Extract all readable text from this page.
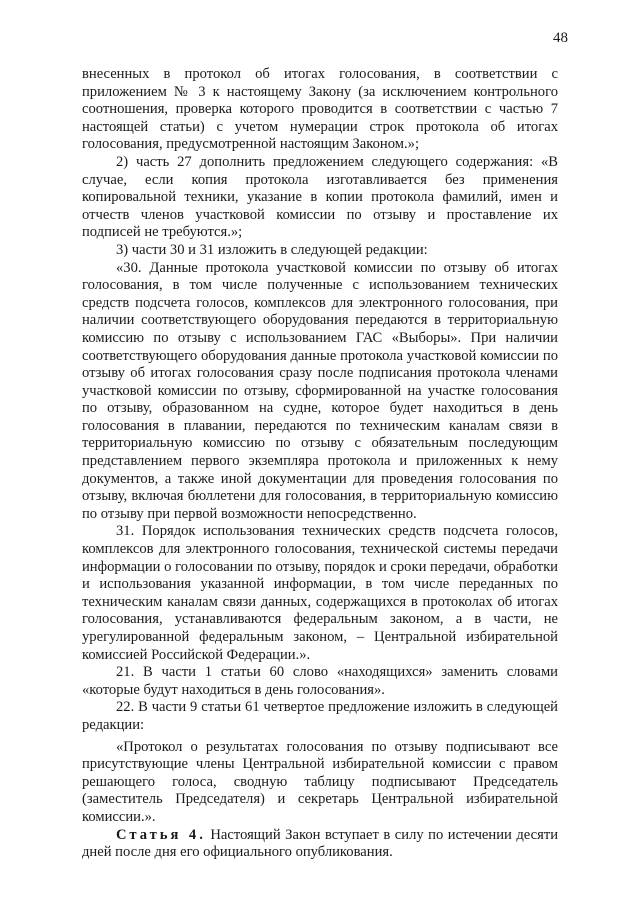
48

внесенных в протокол об итогах голосования, в соответствии с приложением № 3 к настоящему Закону (за исключением контрольного соотношения, проверка которого проводится в соответствии с частью 7 настоящей статьи) с учетом нумерации строк протокола об итогах голосования, предусмотренной настоящим Законом.»;

2) часть 27 дополнить предложением следующего содержания: «В случае, если копия протокола изготавливается без применения копировальной техники, указание в копии протокола фамилий, имен и отчеств членов участковой комиссии по отзыву и проставление их подписей не требуются.»;

3) части 30 и 31 изложить в следующей редакции:

«30. Данные протокола участковой комиссии по отзыву об итогах голосования, в том числе полученные с использованием технических средств подсчета голосов, комплексов для электронного голосования, при наличии соответствующего оборудования передаются в территориальную комиссию по отзыву с использованием ГАС «Выборы». При наличии соответствующего оборудования данные протокола участковой комиссии по отзыву об итогах голосования сразу после подписания протокола членами участковой комиссии по отзыву, сформированной на участке голосования по отзыву, образованном на судне, которое будет находиться в день голосования в плавании, передаются по техническим каналам связи в территориальную комиссию по отзыву с обязательным последующим представлением первого экземпляра протокола и приложенных к нему документов, а также иной документации для проведения голосования по отзыву, включая бюллетени для голосования, в территориальную комиссию по отзыву при первой возможности непосредственно.

31. Порядок использования технических средств подсчета голосов, комплексов для электронного голосования, технической системы передачи информации о голосовании по отзыву, порядок и сроки передачи, обработки и использования указанной информации, в том числе переданных по техническим каналам связи данных, содержащихся в протоколах об итогах голосования, устанавливаются федеральным законом, а в части, не урегулированной федеральным законом, – Центральной избирательной комиссией Российской Федерации.».

21. В части 1 статьи 60 слово «находящихся» заменить словами «которые будут находиться в день голосования».

22. В части 9 статьи 61 четвертое предложение изложить в следующей редакции:

«Протокол о результатах голосования по отзыву подписывают все присутствующие члены Центральной избирательной комиссии с правом решающего голоса, сводную таблицу подписывают Председатель (заместитель Председателя) и секретарь Центральной избирательной комиссии.».

Статья 4. Настоящий Закон вступает в силу по истечении десяти дней после дня его официального опубликования.
